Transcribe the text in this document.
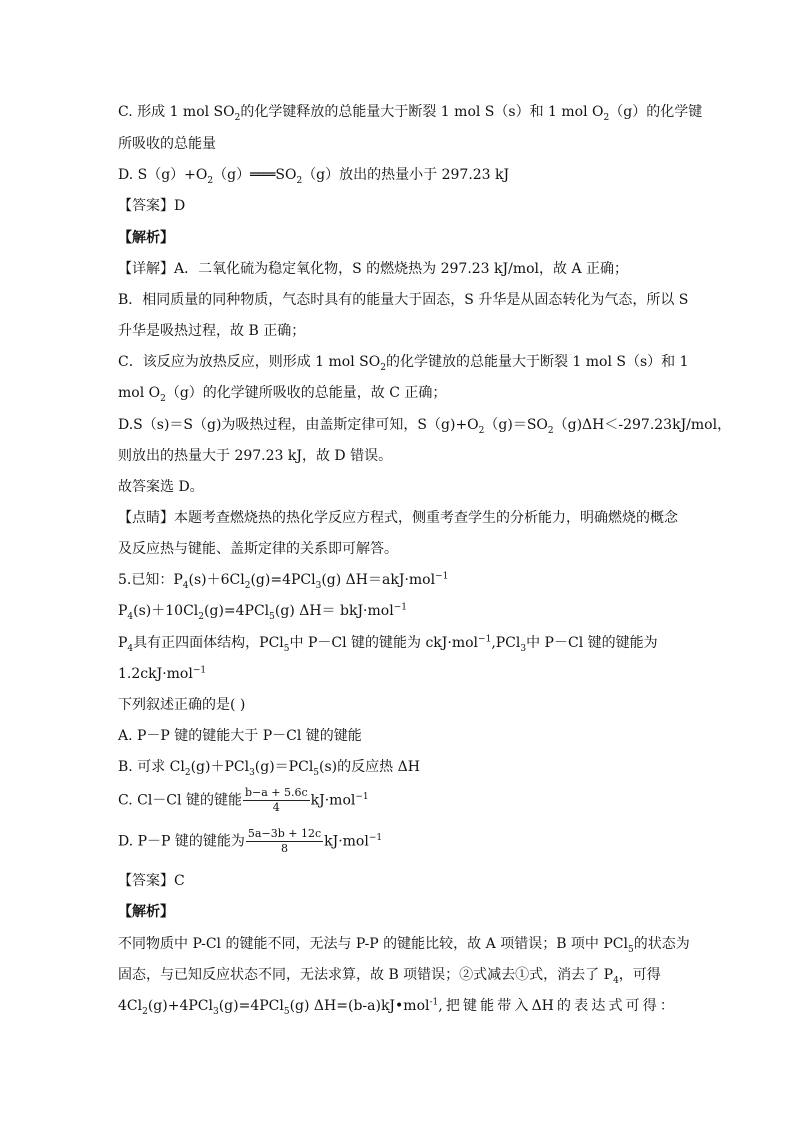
C. 形成 1 mol $SO_2$的化学键释放的总能量大于断裂 1 mol S（s）和 1 mol $O_2(g)$的化学键
所吸收的总能量
D. $S(g)+O_2(g)═══SO_2(g)$放出的热量小于 297.23 kJ
【答案】D
【解析】
【详解】A．二氧化硫为稳定氧化物，S 的燃烧热为 297.23 kJ/mol，故 A 正确；
B．相同质量的同种物质，气态时具有的能量大于固态，S 升华是从固态转化为气态，所以 S
升华是吸热过程，故 B 正确；
C．该反应为放热反应，则形成 1 mol $SO_2$的化学键放的总能量大于断裂 1 mol S（s）和 1
mol $O_2(g)$的化学键所吸收的总能量，故 C 正确；
D.S（s)＝S（g)为吸热过程，由盖斯定律可知，$S(g)+O_2(g)=SO_2(g)\Delta H<-297.23kJ$/mol，
则放出的热量大于 297.23 kJ，故 D 错误。
故答案选 D。
【点睛】本题考查燃烧热的热化学反应方程式，侧重考查学生的分析能力，明确燃烧的概念
及反应热与键能、盖斯定律的关系即可解答。
5.已知：$P_4(s)+6Cl_2(g)=4PCl_3(g)$ ΔH＝akJ·mol$^{-1}$
$P_4(s)+10Cl_2(g)=4PCl_5(g)$ ΔH＝ bkJ·mol$^{-1}$
$P_4$具有正四面体结构，PCl$_5$中 P－Cl 键的键能为 ckJ·mol$^{-1}$,PCl$_3$中 P－Cl 键的键能为
1.2ckJ·mol$^{-1}$
下列叙述正确的是( )
A. P－P 键的键能大于 P－Cl 键的键能
B. 可求 $Cl_2(g)+PCl_3(g)=PCl_5(s)$的反应热 ΔH
C. Cl－Cl 键的键能 $\frac{b-a + 5.6c}{4} kJ\cdot mol^{-1}$
D. P－P 键的键能为 $\frac{5a-3b + 12c}{8} kJ\cdot mol^{-1}$
【答案】C
【解析】
不同物质中 P-Cl 的键能不同，无法与 P-P 的键能比较，故 A 项错误；B 项中 PCl$_5$的状态为
固态，与已知反应状态不同，无法求算，故 B 项错误；②式减去①式，消去了 $P_4$，可得
$4Cl_2(g)+4PCl_3(g)=4PCl_5(g)$ ΔH=(b-a)kJ•mol$^{-1}$, 把 键 能 带 入 ΔH 的 表 达 式 可 得 ：
